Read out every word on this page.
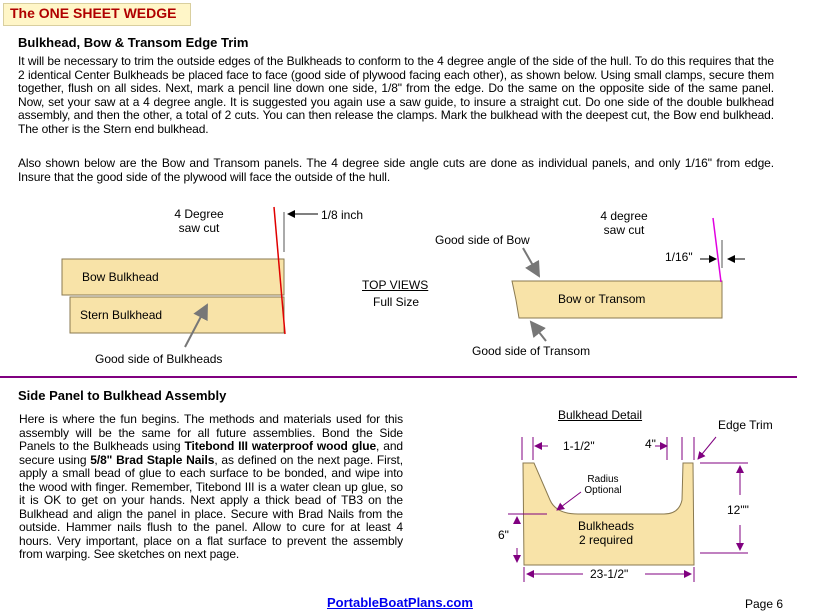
The ONE SHEET WEDGE
Bulkhead, Bow & Transom Edge Trim
It will be necessary to trim the outside edges of the Bulkheads to conform to the 4 degree angle of the side of the hull. To do this requires that the 2 identical Center Bulkheads be placed face to face (good side of plywood facing each other), as shown below. Using small clamps, secure them together, flush on all sides. Next, mark a pencil line down one side, 1/8" from the edge. Do the same on the opposite side of the same panel. Now, set your saw at a 4 degree angle. It is suggested you again use a saw guide, to insure a straight cut. Do one side of the double bulkhead assembly, and then the other, a total of 2 cuts. You can then release the clamps. Mark the bulkhead with the deepest cut, the Bow end bulkhead. The other is the Stern end bulkhead.
Also shown below are the Bow and Transom panels. The 4 degree side angle cuts are done as individual panels, and only 1/16" from edge. Insure that the good side of the plywood will face the outside of the hull.
4 Degree
saw cut
1/8 inch
Bow Bulkhead
Stern Bulkhead
Good side of Bulkheads
TOP VIEWS
Full Size
Good side of Bow
4 degree
saw cut
1/16"
Bow or Transom
Good side of Transom
Side Panel to Bulkhead Assembly
Here is where the fun begins. The methods and materials used for this assembly will be the same for all future assemblies. Bond the Side Panels to the Bulkheads using Titebond III waterproof wood glue, and secure using 5/8" Brad Staple Nails, as defined on the next page. First, apply a small bead of glue to each surface to be bonded, and wipe into the wood with finger. Remember, Titebond III is a water clean up glue, so it is OK to get on your hands. Next apply a thick bead of TB3 on the Bulkhead and align the panel in place. Secure with Brad Nails from the outside. Hammer nails flush to the panel. Allow to cure for at least 4 hours. Very important, place on a flat surface to prevent the assembly from warping. See sketches on next page.
Bulkhead Detail
Edge Trim
1-1/2"	4"
Radius
Optional
Bulkheads
2 required
6"
12""
23-1/2"
PortableBoatPlans.com	Page 6
